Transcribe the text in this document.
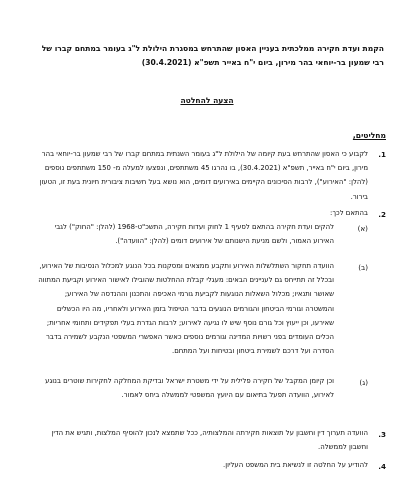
הקמת ועדת חקירה ממלכתית בעניין האסון שהתרחש במסגרת הילולת ל"ג בעומר במתחם קברו של רבי שמעון בר-יוחאי בהר מירון, ביום י"ח באייר תשפ"א (30.4.2021)
הצעה להחלטה
מחליטים,
1.
לקבוע כי האסון שהתרחש בעת קיומה של הילולת ל"ג בעומר השנתית במתחם קברו של רבי שמעון בר-יוחאי בהר מירון, ביום י"ח באייר, תשפ"א (30.4.2021), בו נהרגו 45 משתתפים, ונפצעו למעלה מ- 150 משתתפים נוספים (להלן: "האירוע"), לרבות הסיכונים הקיימים באירועים דומים, הוא נושא בעל חשיבות ציבורית חיונית בעת זו, הטעון בירור.
2.
בהתאם לכך:
(א)
להקים ועדת חקירה בהתאם לסעיף 1 לחוק ועדות חקירה, התשכ"ט-1968 (להלן: "החוק") לגבי האירוע האמור, ולשם מניעת הישנותם של אירועים דומים (להלן: "הוועדה").
(ב)
הוועדה תחקור השתלשלות האירוע ותקבע ממצאים ומסקנות בכל הנוגע למכלול הנסיבות של האירוע, ובכלל זה תתייחס גם לעניינים הבאים: מעגלי קבלת ההחלטות שהובילו לאישור האירוע וקביעת המתווה שאושר ותנאיו; מכלול השאלות הנוגעות לקביעת גורמי האכיפה והתכנון וההנדסה של האירוע; והמשטרה וגורמי הביטחון והגורמים הנוגעים בדבר הטיפול בזמן האירוע ולאחריו, מה היו הכשלים שאירעו, וכן ייעוץ וכל גורם נוסף שיש לו נגיעה לאירוע; לרבות הגדרת בעלי תפקידים ותחומי אחריות; הכלים העומדים בפני רשויות המדינה וגורמים נוספים כאשר האפשרי המשפטי הנקבע לשמירה בדבר הסדרה ועל דרכם לשמירת ביטחון ובטיחות ועל המתחם.
(ג)
וכן קיומן המקבל של חקירה פלילית על ידי משטרת ישראל ובדיקת המחלקה לחקירות שוטרים בנוגע לאירוע, הוועדה תפעל בתיאום עם היועץ המשפטי לממשלה ביחס לאמור.
3.
הוועדה תערוך דין וחשבון על תוצאות חקירתה והמלצותיה, ככל שתמצא לנכון להוסיף המלצות, ותגיש את הדין וחשבון לממשלה.
4.
להודיע על החלטה זו לנשיאת בית המשפט העליון.
